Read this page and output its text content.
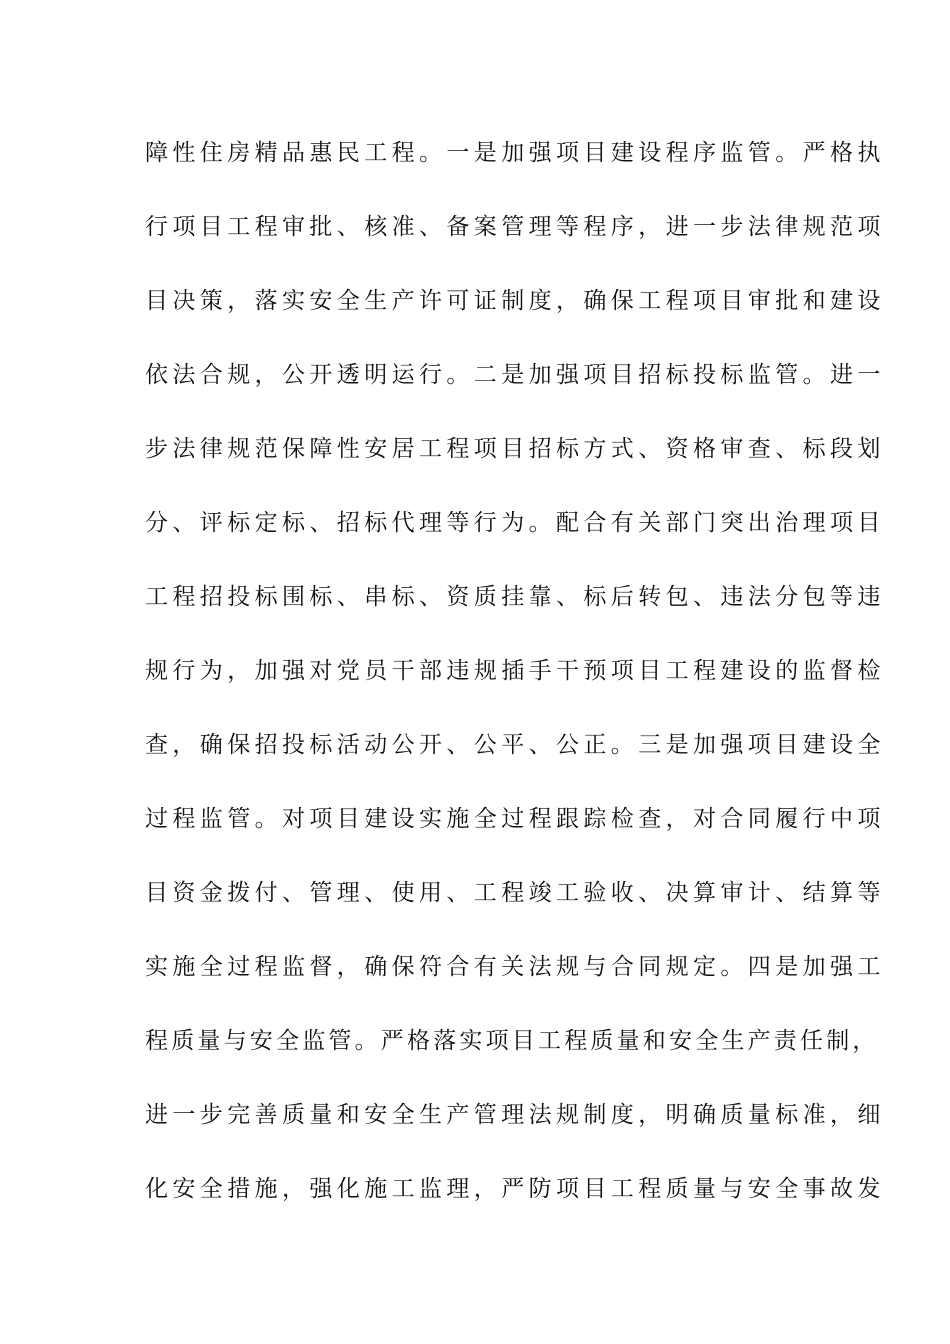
障性住房精品惠民工程。一是加强项目建设程序监管。严格执
行项目工程审批、核准、备案管理等程序，进一步法律规范项
目决策，落实安全生产许可证制度，确保工程项目审批和建设
依法合规，公开透明运行。二是加强项目招标投标监管。进一
步法律规范保障性安居工程项目招标方式、资格审查、标段划
分、评标定标、招标代理等行为。配合有关部门突出治理项目
工程招投标围标、串标、资质挂靠、标后转包、违法分包等违
规行为，加强对党员干部违规插手干预项目工程建设的监督检
查，确保招投标活动公开、公平、公正。三是加强项目建设全
过程监管。对项目建设实施全过程跟踪检查，对合同履行中项
目资金拨付、管理、使用、工程竣工验收、决算审计、结算等
实施全过程监督，确保符合有关法规与合同规定。四是加强工
程质量与安全监管。严格落实项目工程质量和安全生产责任制，
进一步完善质量和安全生产管理法规制度，明确质量标准，细
化安全措施，强化施工监理，严防项目工程质量与安全事故发
